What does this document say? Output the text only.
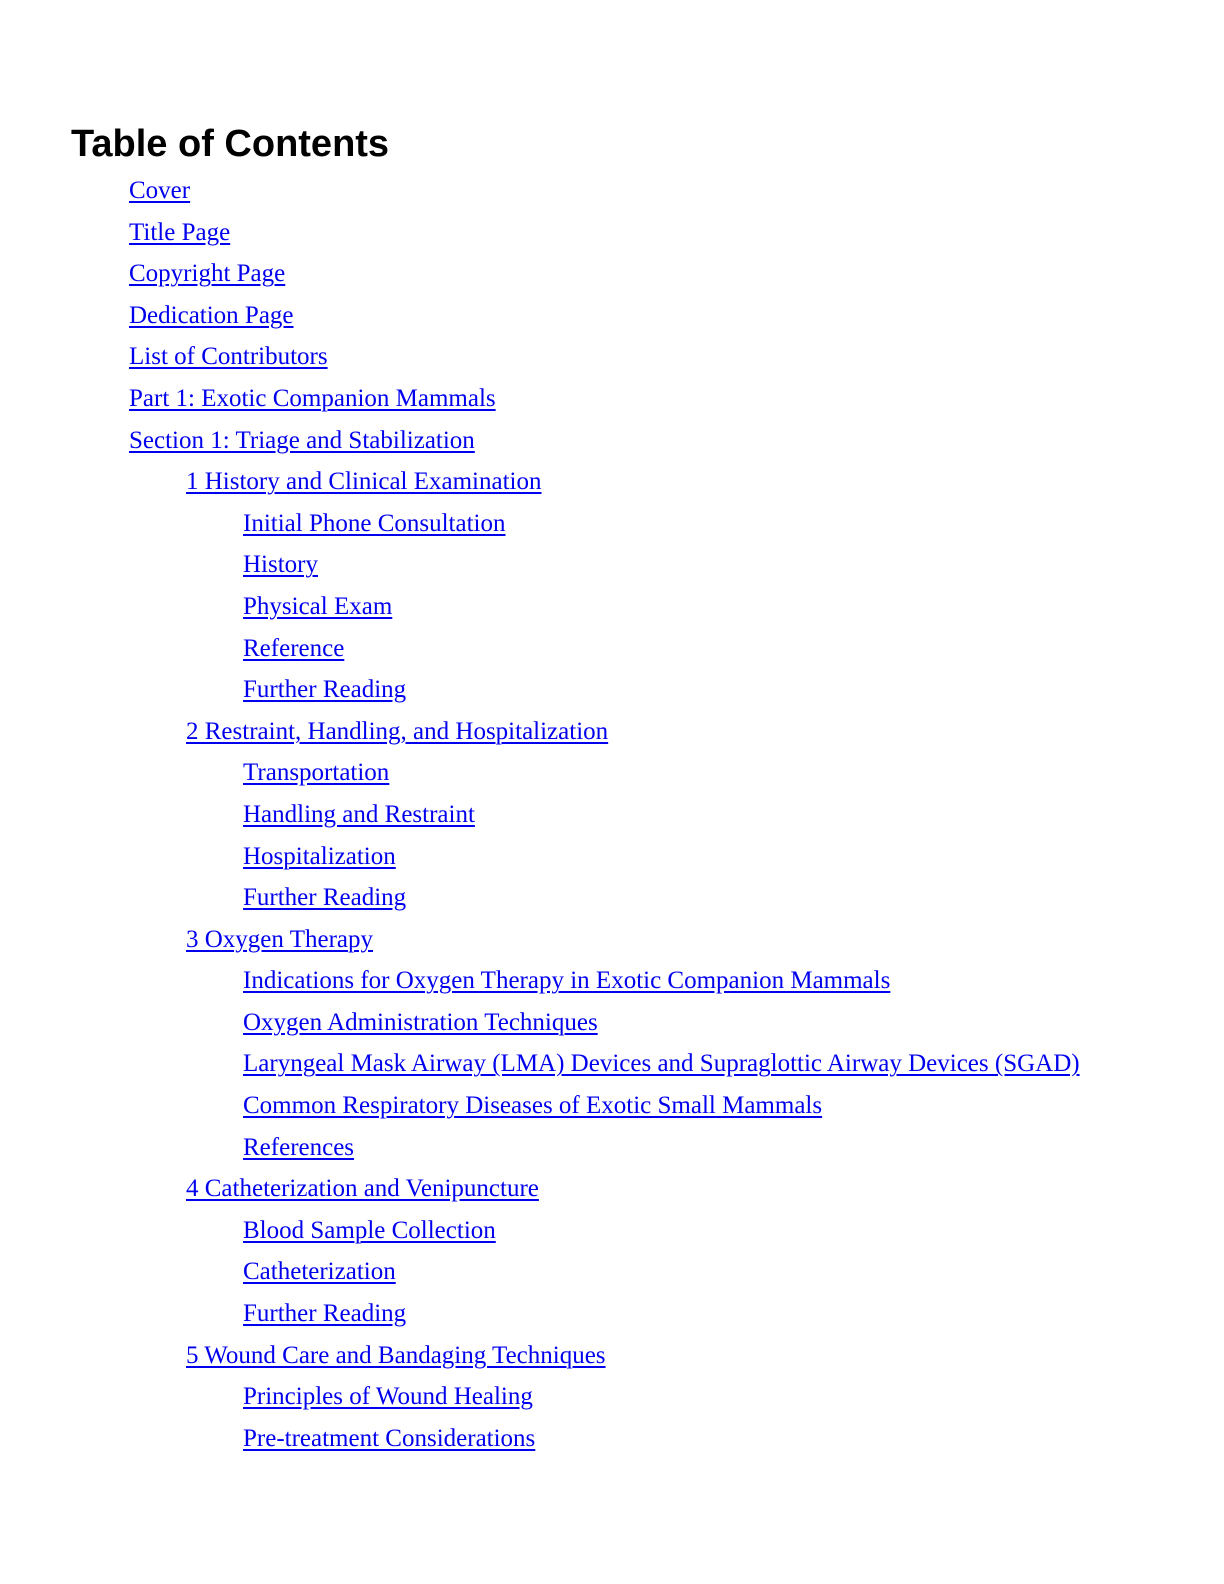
Table of Contents
Cover
Title Page
Copyright Page
Dedication Page
List of Contributors
Part 1: Exotic Companion Mammals
Section 1: Triage and Stabilization
1 History and Clinical Examination
Initial Phone Consultation
History
Physical Exam
Reference
Further Reading
2 Restraint, Handling, and Hospitalization
Transportation
Handling and Restraint
Hospitalization
Further Reading
3 Oxygen Therapy
Indications for Oxygen Therapy in Exotic Companion Mammals
Oxygen Administration Techniques
Laryngeal Mask Airway (LMA) Devices and Supraglottic Airway Devices (SGAD)
Common Respiratory Diseases of Exotic Small Mammals
References
4 Catheterization and Venipuncture
Blood Sample Collection
Catheterization
Further Reading
5 Wound Care and Bandaging Techniques
Principles of Wound Healing
Pre-treatment Considerations
